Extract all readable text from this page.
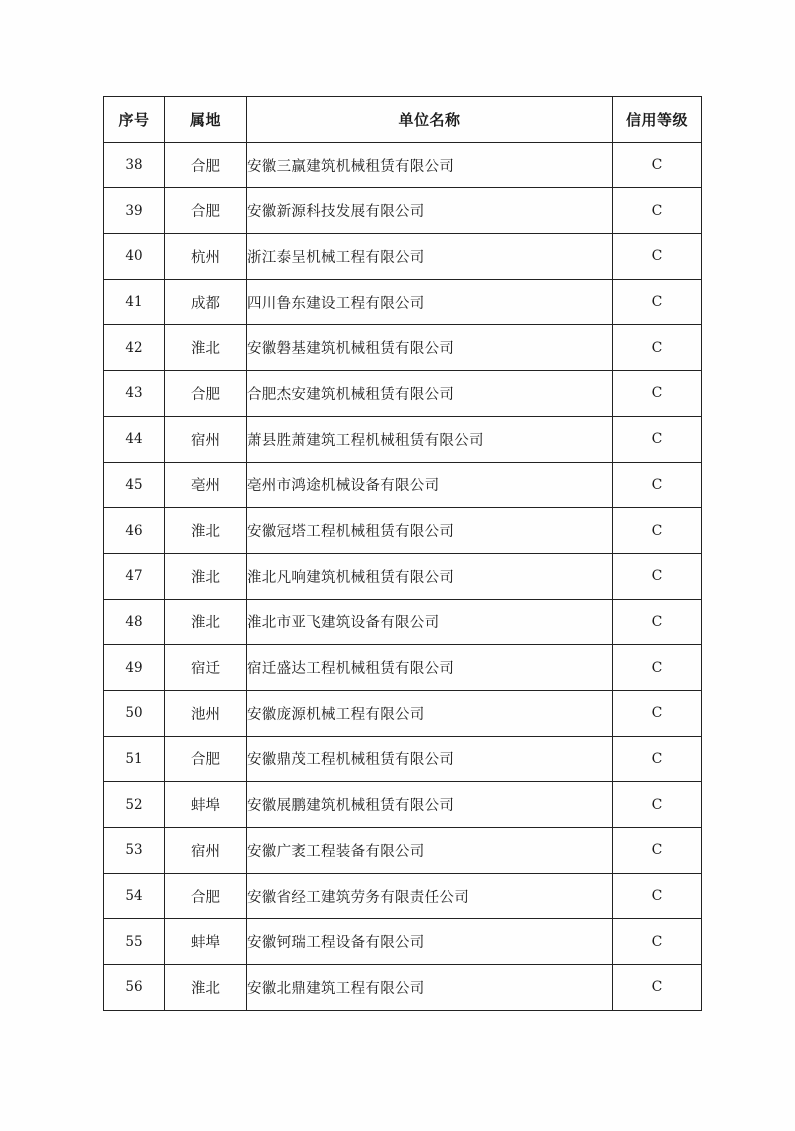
序号	属地	单位名称	信用等级
38	合肥	安徽三赢建筑机械租赁有限公司	C
39	合肥	安徽新源科技发展有限公司	C
40	杭州	浙江泰呈机械工程有限公司	C
41	成都	四川鲁东建设工程有限公司	C
42	淮北	安徽磐基建筑机械租赁有限公司	C
43	合肥	合肥杰安建筑机械租赁有限公司	C
44	宿州	萧县胜萧建筑工程机械租赁有限公司	C
45	亳州	亳州市鸿途机械设备有限公司	C
46	淮北	安徽冠塔工程机械租赁有限公司	C
47	淮北	淮北凡响建筑机械租赁有限公司	C
48	淮北	淮北市亚飞建筑设备有限公司	C
49	宿迁	宿迁盛达工程机械租赁有限公司	C
50	池州	安徽庞源机械工程有限公司	C
51	合肥	安徽鼎茂工程机械租赁有限公司	C
52	蚌埠	安徽展鹏建筑机械租赁有限公司	C
53	宿州	安徽广袤工程装备有限公司	C
54	合肥	安徽省经工建筑劳务有限责任公司	C
55	蚌埠	安徽钶瑞工程设备有限公司	C
56	淮北	安徽北鼎建筑工程有限公司	C
